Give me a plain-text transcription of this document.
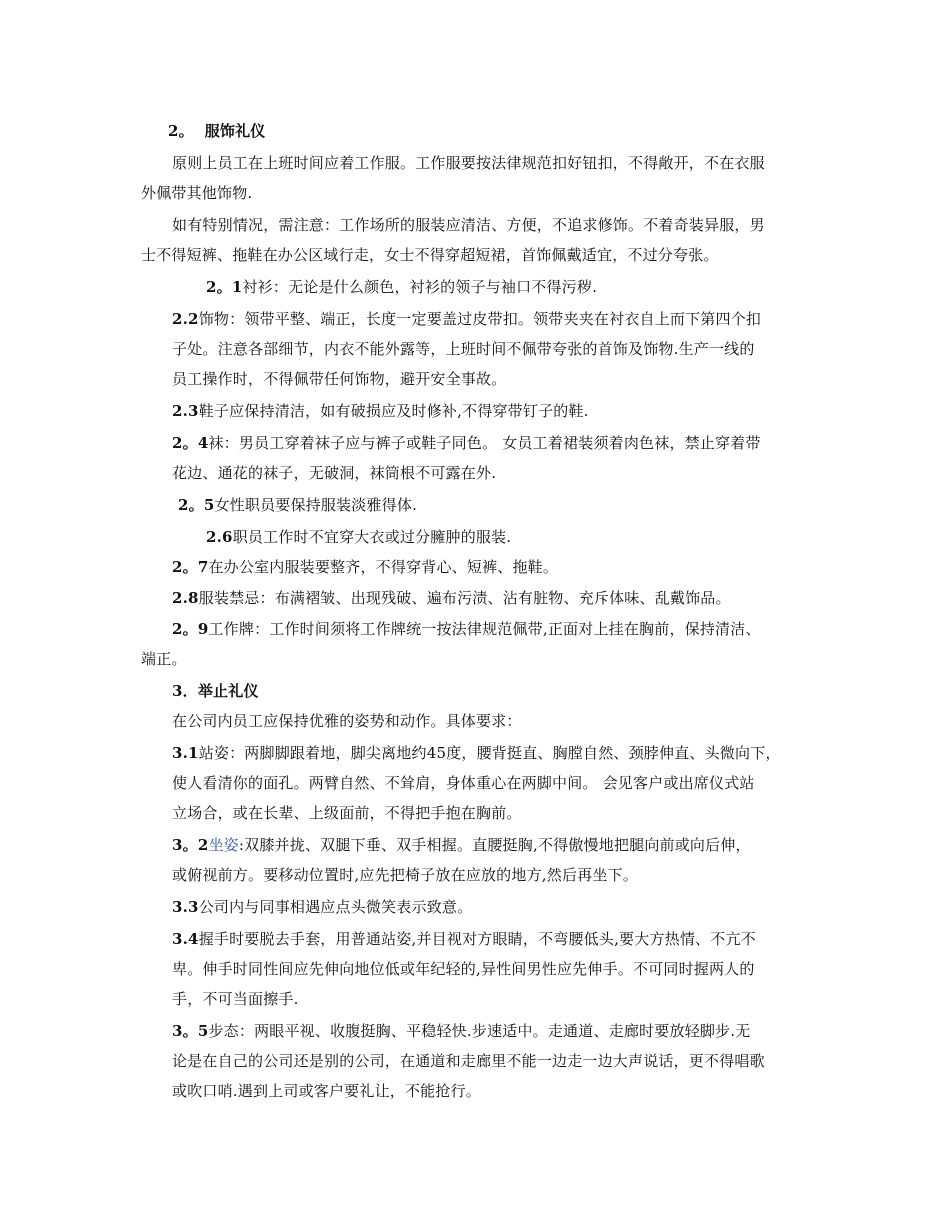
2。 服饰礼仪
原则上员工在上班时间应着工作服。工作服要按法律规范扣好钮扣，不得敞开，不在衣服
外佩带其他饰物.
如有特别情况，需注意：工作场所的服装应清洁、方便，不追求修饰。不着奇装异服，男
士不得短裤、拖鞋在办公区域行走，女士不得穿超短裙，首饰佩戴适宜，不过分夸张。
2。1衬衫：无论是什么颜色，衬衫的领子与袖口不得污秽.
2.2饰物：领带平整、端正，长度一定要盖过皮带扣。领带夹夹在衬衣自上而下第四个扣
子处。注意各部细节，内衣不能外露等，上班时间不佩带夸张的首饰及饰物.生产一线的
员工操作时，不得佩带任何饰物，避开安全事故。
2.3鞋子应保持清洁，如有破损应及时修补,不得穿带钉子的鞋.
2。4袜：男员工穿着袜子应与裤子或鞋子同色。 女员工着裙装须着肉色袜，禁止穿着带
花边、通花的袜子，无破洞，袜筒根不可露在外.
2。5女性职员要保持服装淡雅得体.
2.6职员工作时不宜穿大衣或过分臃肿的服装.
2。7在办公室内服装要整齐，不得穿背心、短裤、拖鞋。
2.8服装禁忌：布满褶皱、出现残破、遍布污渍、沾有脏物、充斥体味、乱戴饰品。
2。9工作牌：工作时间须将工作牌统一按法律规范佩带,正面对上挂在胸前，保持清洁、
端正。
3．举止礼仪
在公司内员工应保持优雅的姿势和动作。具体要求：
3.1站姿：两脚脚跟着地，脚尖离地约45度，腰背挺直、胸膛自然、颈脖伸直、头微向下，
使人看清你的面孔。两臂自然、不耸肩，身体重心在两脚中间。 会见客户或出席仪式站
立场合，或在长辈、上级面前，不得把手抱在胸前。
3。2坐姿:双膝并拢、双腿下垂、双手相握。直腰挺胸,不得傲慢地把腿向前或向后伸，
或俯视前方。要移动位置时,应先把椅子放在应放的地方,然后再坐下。
3.3公司内与同事相遇应点头微笑表示致意。
3.4握手时要脱去手套，用普通站姿,并目视对方眼睛，不弯腰低头,要大方热情、不亢不
卑。伸手时同性间应先伸向地位低或年纪轻的,异性间男性应先伸手。不可同时握两人的
手，不可当面擦手.
3。5步态：两眼平视、收腹挺胸、平稳轻快.步速适中。走通道、走廊时要放轻脚步.无
论是在自己的公司还是别的公司，在通道和走廊里不能一边走一边大声说话，更不得唱歌
或吹口哨.遇到上司或客户要礼让，不能抢行。
